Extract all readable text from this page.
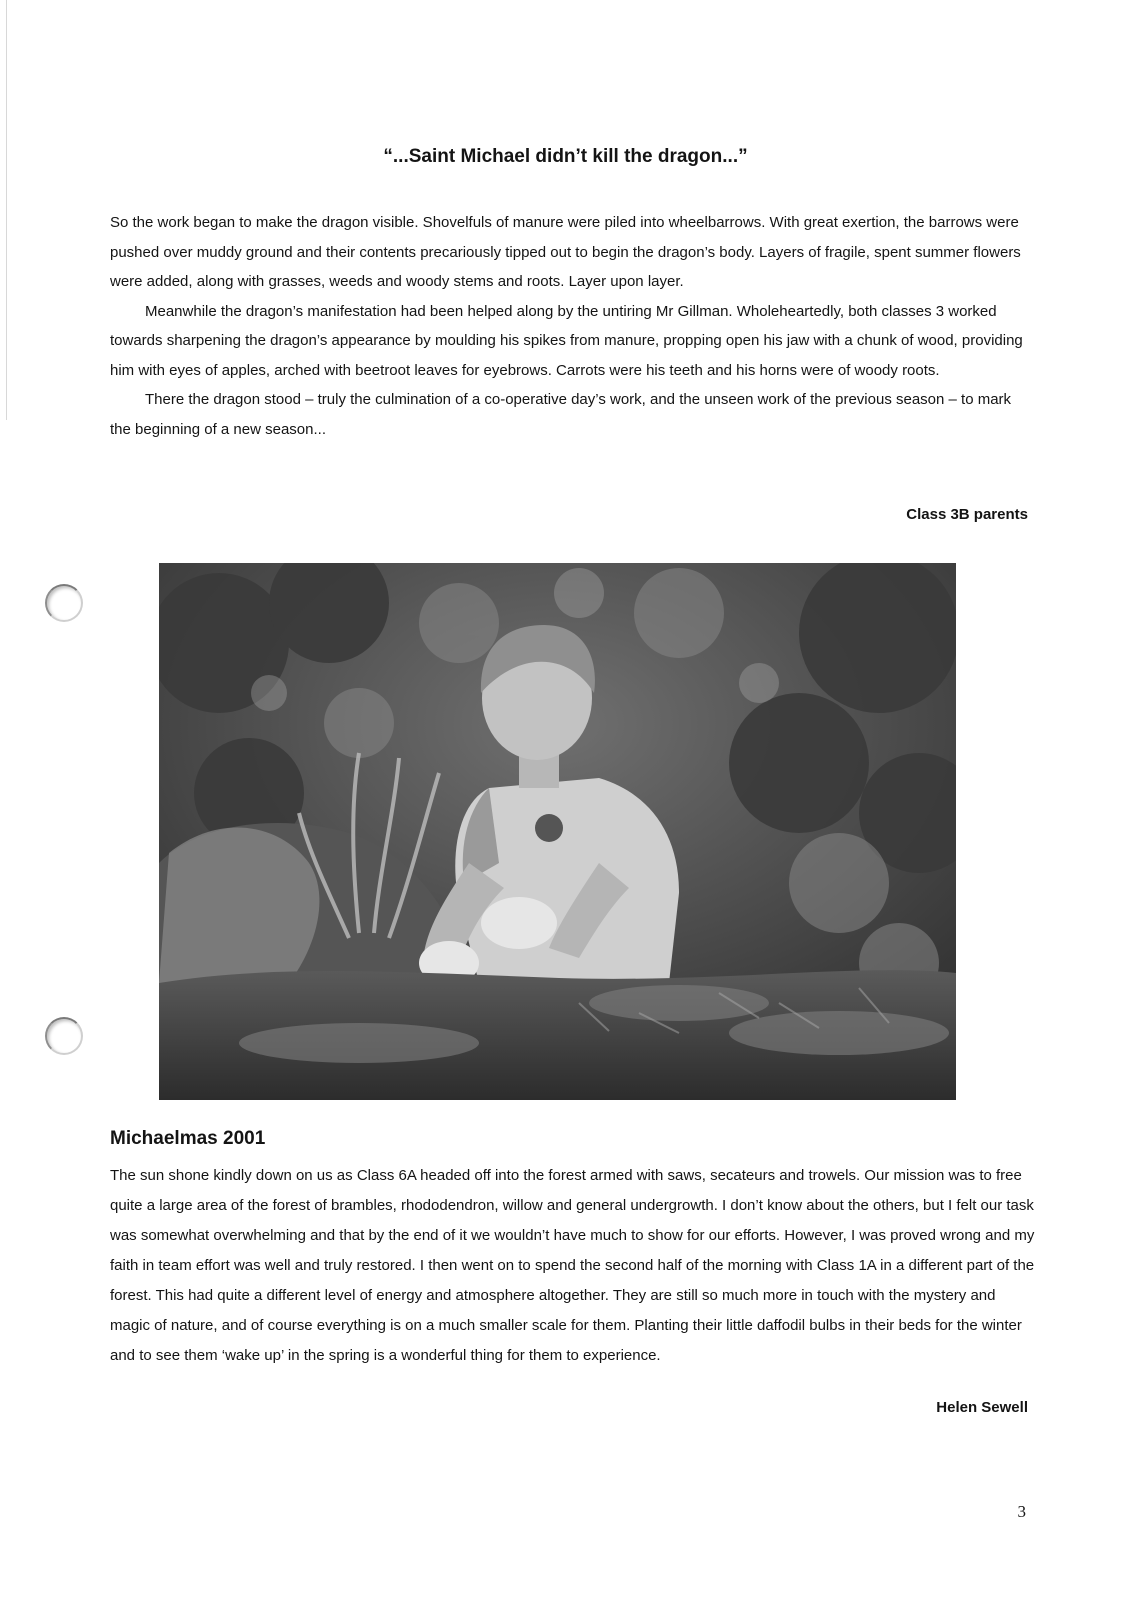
“...Saint Michael didn’t kill the dragon...”

So the work began to make the dragon visible. Shovelfuls of manure were piled into wheelbarrows. With great exertion, the barrows were pushed over muddy ground and their contents precariously tipped out to begin the dragon’s body. Layers of fragile, spent summer flowers were added, along with grasses, weeds and woody stems and roots. Layer upon layer.

Meanwhile the dragon’s manifestation had been helped along by the untiring Mr Gillman. Wholeheartedly, both classes 3 worked towards sharpening the dragon’s appearance by moulding his spikes from manure, propping open his jaw with a chunk of wood, providing him with eyes of apples, arched with beetroot leaves for eyebrows. Carrots were his teeth and his horns were of woody roots.

There the dragon stood – truly the culmination of a co-operative day’s work, and the unseen work of the previous season – to mark the beginning of a new season...

Class 3B parents

Michaelmas 2001

The sun shone kindly down on us as Class 6A headed off into the forest armed with saws, secateurs and trowels. Our mission was to free quite a large area of the forest of brambles, rhododendron, willow and general undergrowth. I don’t know about the others, but I felt our task was somewhat overwhelming and that by the end of it we wouldn’t have much to show for our efforts. However, I was proved wrong and my faith in team effort was well and truly restored. I then went on to spend the second half of the morning with Class 1A in a different part of the forest. This had quite a different level of energy and atmosphere altogether. They are still so much more in touch with the mystery and magic of nature, and of course everything is on a much smaller scale for them. Planting their little daffodil bulbs in their beds for the winter and to see them ‘wake up’ in the spring is a wonderful thing for them to experience.

Helen Sewell

3
